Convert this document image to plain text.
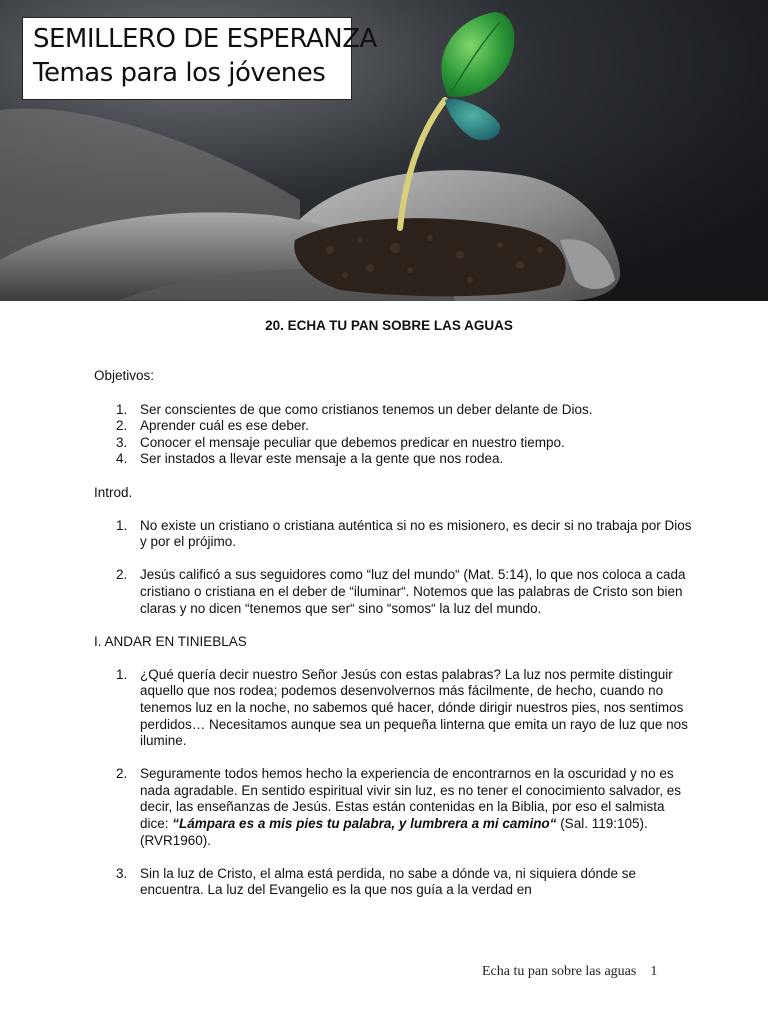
SEMILLERO DE ESPERANZA
Temas para los jóvenes
20. ECHA TU PAN SOBRE LAS AGUAS

Objetivos:

1. Ser conscientes de que como cristianos tenemos un deber delante de Dios.
2. Aprender cuál es ese deber.
3. Conocer el mensaje peculiar que debemos predicar en nuestro tiempo.
4. Ser instados a llevar este mensaje a la gente que nos rodea.

Introd.

1. No existe un cristiano o cristiana auténtica si no es misionero, es decir si no trabaja por Dios y por el prójimo.
2. Jesús calificó a sus seguidores como “luz del mundo“ (Mat. 5:14), lo que nos coloca a cada cristiano o cristiana en el deber de “iluminar“. Notemos que las palabras de Cristo son bien claras y no dicen “tenemos que ser“ sino “somos“ la luz del mundo.

I. ANDAR EN TINIEBLAS

1. ¿Qué quería decir nuestro Señor Jesús con estas palabras? La luz nos permite distinguir aquello que nos rodea; podemos desenvolvernos más fácilmente, de hecho, cuando no tenemos luz en la noche, no sabemos qué hacer, dónde dirigir nuestros pies, nos sentimos perdidos… Necesitamos aunque sea un pequeña linterna que emita un rayo de luz que nos ilumine.
2. Seguramente todos hemos hecho la experiencia de encontrarnos en la oscuridad y no es nada agradable. En sentido espiritual vivir sin luz, es no tener el conocimiento salvador, es decir, las enseñanzas de Jesús. Estas están contenidas en la Biblia, por eso el salmista dice: “Lámpara es a mis pies tu palabra, y lumbrera a mi camino“ (Sal. 119:105). (RVR1960).
3. Sin la luz de Cristo, el alma está perdida, no sabe a dónde va, ni siquiera dónde se encuentra. La luz del Evangelio es la que nos guía a la verdad en
Echa tu pan sobre las aguas 1
